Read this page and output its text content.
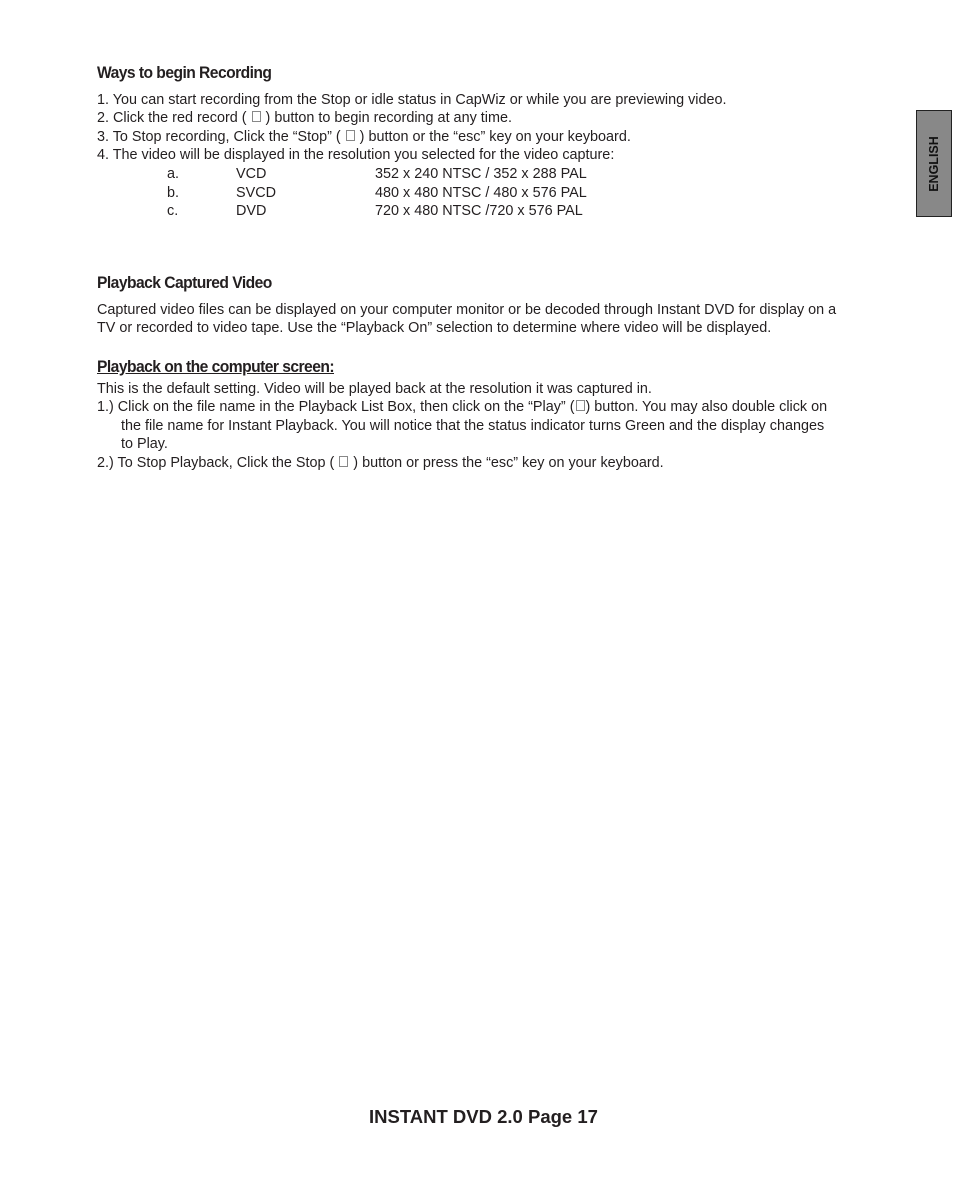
ENGLISH
Ways to begin Recording
1. You can start recording from the Stop or idle status in CapWiz or while you are previewing video.
2. Click the red record (  ) button to begin recording at any time.
3. To Stop recording, Click the “Stop” (  ) button or the “esc” key on your keyboard.
4. The video will be displayed in the resolution you selected for the video capture:
a.	VCD	352 x 240 NTSC / 352 x 288 PAL
b.	SVCD	480 x 480 NTSC / 480 x 576 PAL
c.	DVD	720 x 480 NTSC /720 x 576 PAL
Playback Captured Video
Captured video files can be displayed on your computer monitor or be decoded through Instant DVD for display on a
TV or recorded to video tape. Use the “Playback On” selection to determine where video will be displayed.
Playback on the computer screen:
This is the default setting. Video will be played back at the resolution it was captured in.
1.) Click on the file name in the Playback List Box, then click on the “Play” ( ) button. You may also double click on
the file name for Instant Playback. You will notice that the status indicator turns Green and the display changes
to Play.
2.) To Stop Playback, Click the Stop (  ) button or press the “esc” key on your keyboard.
INSTANT DVD 2.0 Page 17
